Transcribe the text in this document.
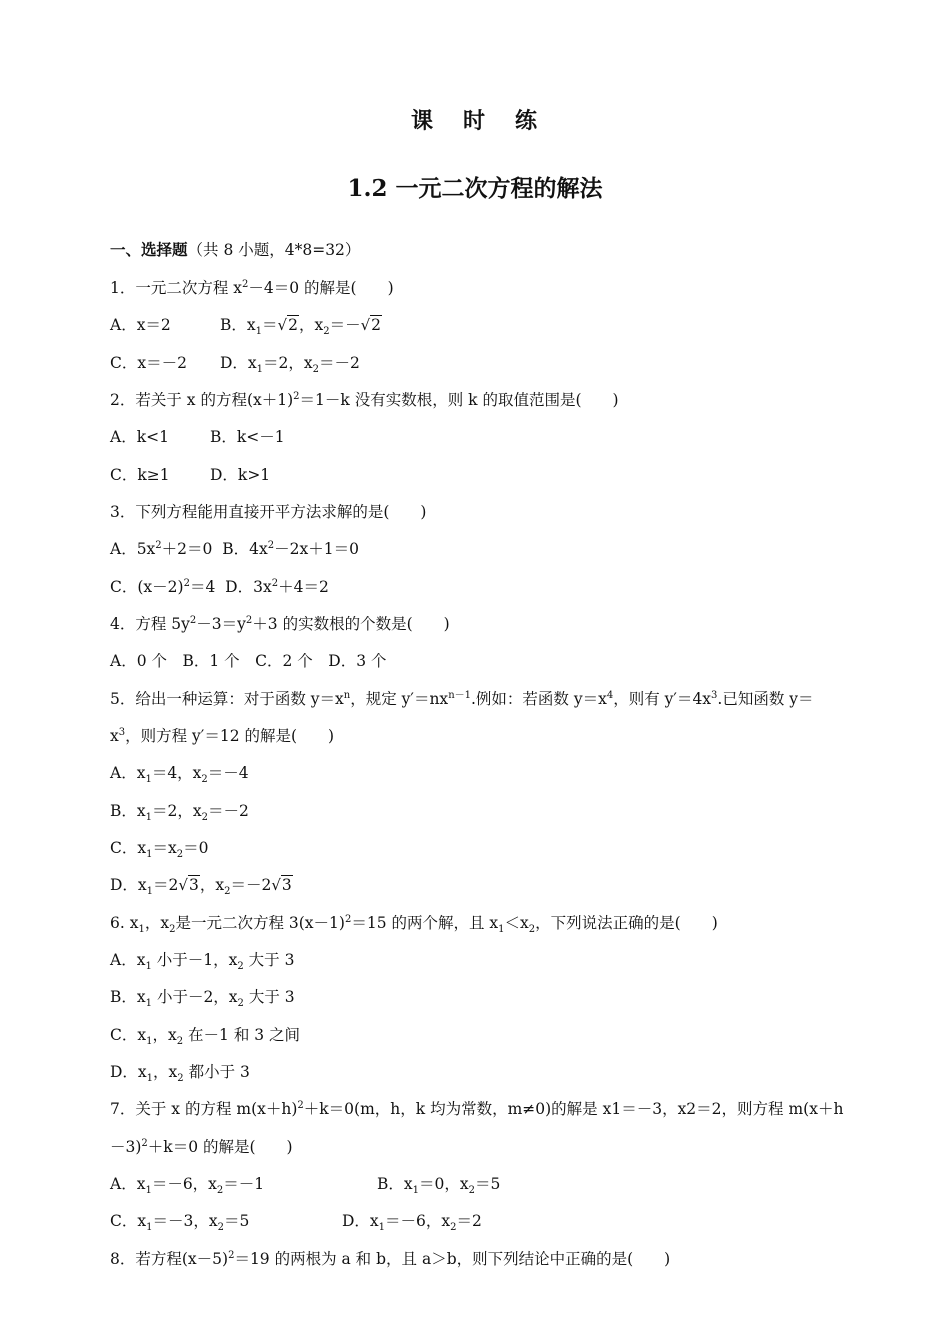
课 时 练
1.2 一元二次方程的解法
一、选择题（共 8 小题，4*8=32）
1．一元二次方程 $x^2-4=0$ 的解是(　　)
A．x＝2	B．$x_1=√2$，$x_2=-√2$
C．x＝－2 D．$x_1=2$，$x_2=-2$
2．若关于 x 的方程$(x+1)^2=1-k$ 没有实数根，则 k 的取值范围是(　　)
A．k<1	B．k<－1
C．k≥1	D．k>1
3．下列方程能用直接开平方法求解的是(　　)
A．$5x^2+2=0$ B．$4x^2-2x+1=0$
C．$(x-2)^2=4$ D．$3x^2+4=2$
4．方程 $5y^2-3=y^2+3$ 的实数根的个数是(　　)
A．0 个　B．1 个　C．2 个　D．3 个
5．给出一种运算：对于函数 $y=x^n$，规定 $y'=nx^{n-1}$.例如：若函数 $y=x^4$，则有 $y'=4x^3$.已知函数 y＝
$x^3$，则方程 y′＝12 的解是(　　)
A．$x_1=4$，$x_2=-4$
B．$x_1=2$，$x_2=-2$
C．$x_1=x_2=0$
D．$x_1=2√3$，$x_2=-2√3$
6. $x_1$，$x_2$是一元二次方程 $3(x-1)^2=15$ 的两个解，且 $x_1<x_2$，下列说法正确的是(　　)
A．$x_1$ 小于－1，$x_2$ 大于 3
B．$x_1$ 小于－2，$x_2$ 大于 3
C．$x_1$，$x_2$ 在－1 和 3 之间
D．$x_1$，$x_2$ 都小于 3
7．关于 x 的方程 $m(x+h)^2+k=0(m$，h，k 均为常数，m≠0)的解是 x1＝－3，x2＝2，则方程 m(x＋h
－3)$^2$＋k＝0 的解是(　　)
A．$x_1=-6$，$x_2=-1$	B．$x_1=0$，$x_2=5$
C．$x_1=-3$，$x_2=5$	D．$x_1=-6$，$x_2=2$
8．若方程$(x-5)^2=19$ 的两根为 a 和 b，且 a＞b，则下列结论中正确的是(　　)
